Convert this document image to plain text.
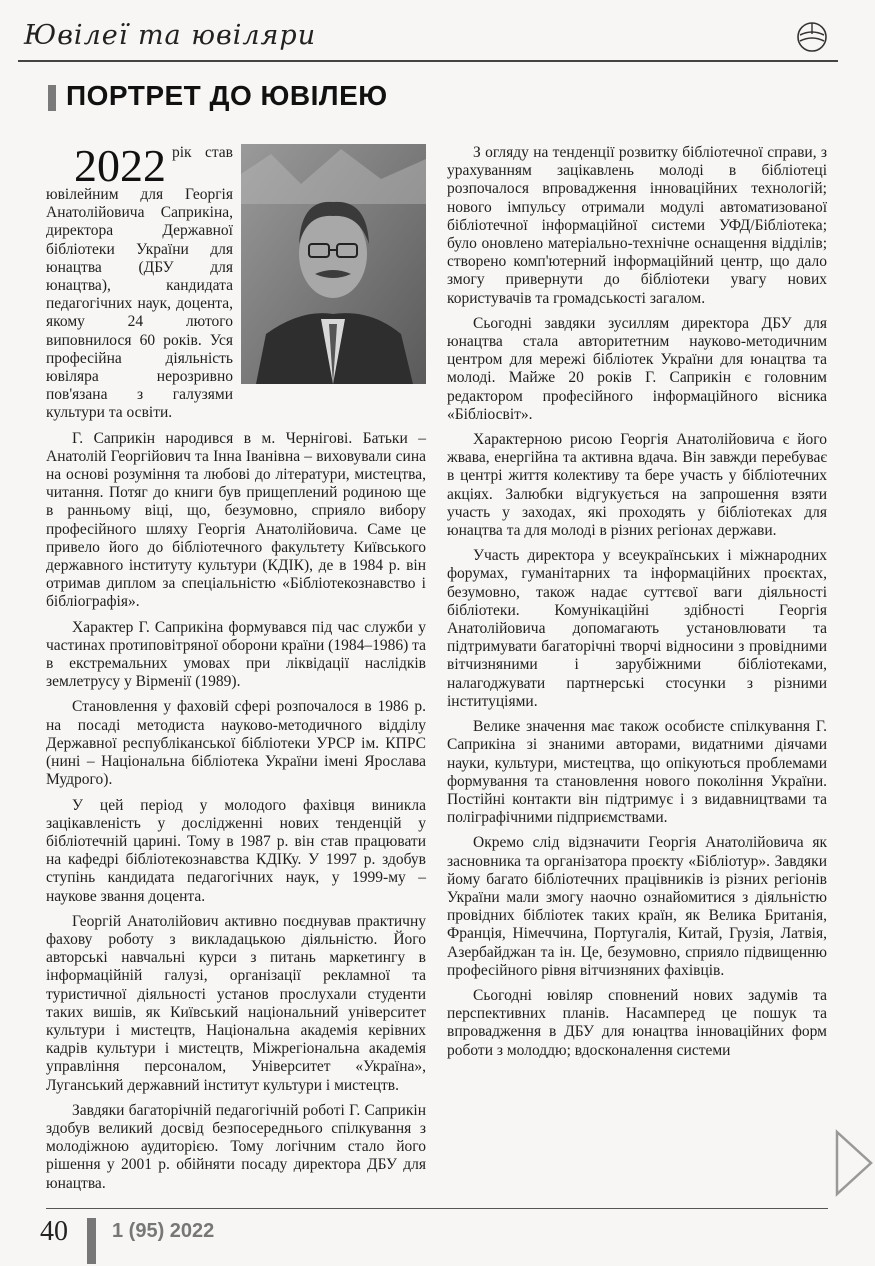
Ювілеї та ювіляри
ПОРТРЕТ ДО ЮВІЛЕЮ

2022 рік став ювілейним для Георгія Анатолійовича Саприкіна, директора Державної бібліотеки України для юнацтва (ДБУ для юнацтва), кандидата педагогічних наук, доцента, якому 24 лютого виповнилося 60 років. Уся професійна діяльність ювіляра нерозривно пов'язана з галузями культури та освіти.

Г. Саприкін народився в м. Чернігові. Батьки – Анатолій Георгійович та Інна Іванівна – виховували сина на основі розуміння та любові до літератури, мистецтва, читання. Потяг до книги був прищеплений родиною ще в ранньому віці, що, безумовно, сприяло вибору професійного шляху Георгія Анатолійовича. Саме це привело його до бібліотечного факультету Київського державного інституту культури (КДІК), де в 1984 р. він отримав диплом за спеціальністю «Бібліотекознавство і бібліографія».

Характер Г. Саприкіна формувався під час служби у частинах протиповітряної оборони країни (1984–1986) та в екстремальних умовах при ліквідації наслідків землетрусу у Вірменії (1989).

Становлення у фаховій сфері розпочалося в 1986 р. на посаді методиста науково-методичного відділу Державної республіканської бібліотеки УРСР ім. КПРС (нині – Національна бібліотека України імені Ярослава Мудрого).

У цей період у молодого фахівця виникла зацікавленість у дослідженні нових тенденцій у бібліотечній царині. Тому в 1987 р. він став працювати на кафедрі бібліотекознавства КДІКу. У 1997 р. здобув ступінь кандидата педагогічних наук, у 1999-му – наукове звання доцента.

Георгій Анатолійович активно поєднував практичну фахову роботу з викладацькою діяльністю. Його авторські навчальні курси з питань маркетингу в інформаційній галузі, організації рекламної та туристичної діяльності установ прослухали студенти таких вишів, як Київський національний університет культури і мистецтв, Національна академія керівних кадрів культури і мистецтв, Міжрегіональна академія управління персоналом, Університет «Україна», Луганський державний інститут культури і мистецтв.

Завдяки багаторічній педагогічній роботі Г. Саприкін здобув великий досвід безпосереднього спілкування з молодіжною аудиторією. Тому логічним стало його рішення у 2001 р. обійняти посаду директора ДБУ для юнацтва.

З огляду на тенденції розвитку бібліотечної справи, з урахуванням зацікавлень молоді в бібліотеці розпочалося впровадження інноваційних технологій; нового імпульсу отримали модулі автоматизованої бібліотечної інформаційної системи УФД/Бібліотека; було оновлено матеріально-технічне оснащення відділів; створено комп'ютерний інформаційний центр, що дало змогу привернути до бібліотеки увагу нових користувачів та громадськості загалом.

Сьогодні завдяки зусиллям директора ДБУ для юнацтва стала авторитетним науково-методичним центром для мережі бібліотек України для юнацтва та молоді. Майже 20 років Г. Саприкін є головним редактором професійного інформаційного вісника «Бібліосвіт».

Характерною рисою Георгія Анатолійовича є його жвава, енергійна та активна вдача. Він завжди перебуває в центрі життя колективу та бере участь у бібліотечних акціях. Залюбки відгукується на запрошення взяти участь у заходах, які проходять у бібліотеках для юнацтва та для молоді в різних регіонах держави.

Участь директора у всеукраїнських і міжнародних форумах, гуманітарних та інформаційних проєктах, безумовно, також надає суттєвої ваги діяльності бібліотеки. Комунікаційні здібності Георгія Анатолійовича допомагають установлювати та підтримувати багаторічні творчі відносини з провідними вітчизняними і зарубіжними бібліотеками, налагоджувати партнерські стосунки з різними інституціями.

Велике значення має також особисте спілкування Г. Саприкіна зі знаними авторами, видатними діячами науки, культури, мистецтва, що опікуються проблемами формування та становлення нового покоління України. Постійні контакти він підтримує і з видавництвами та поліграфічними підприємствами.

Окремо слід відзначити Георгія Анатолійовича як засновника та організатора проєкту «Бібліотур». Завдяки йому багато бібліотечних працівників із різних регіонів України мали змогу наочно ознайомитися з діяльністю провідних бібліотек таких країн, як Велика Британія, Франція, Німеччина, Португалія, Китай, Грузія, Латвія, Азербайджан та ін. Це, безумовно, сприяло підвищенню професійного рівня вітчизняних фахівців.

Сьогодні ювіляр сповнений нових задумів та перспективних планів. Насамперед це пошук та впровадження в ДБУ для юнацтва інноваційних форм роботи з молоддю; вдосконалення системи

40 1 (95) 2022
